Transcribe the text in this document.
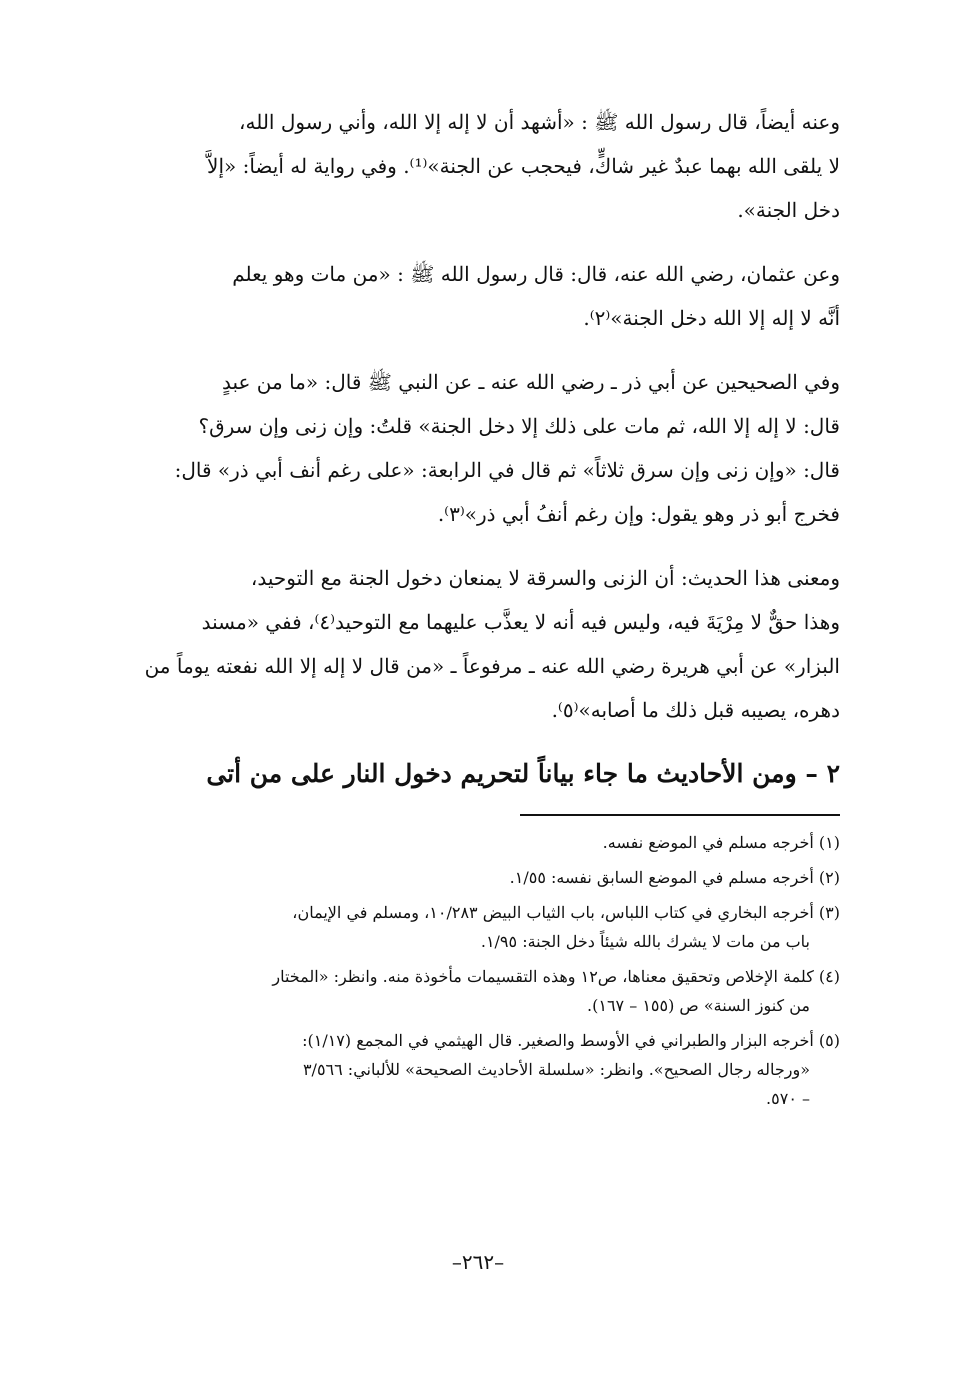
وعنه أيضاً، قال رسول الله ﷺ : «أشهد أن لا إله إلا الله، وأني رسول الله،

لا يلقى الله بهما عبدٌ غير شاكٍّ، فيحجب عن الجنة»⁽¹⁾. وفي رواية له أيضاً: «إلاَّ

دخل الجنة».

وعن عثمان، رضي الله عنه، قال: قال رسول الله ﷺ : «من مات وهو يعلم

أنَّه لا إله إلا الله دخل الجنة»⁽٢⁾.

وفي الصحيحين عن أبي ذر ـ رضي الله عنه ـ عن النبي ﷺ قال: «ما من عبدٍ

قال: لا إله إلا الله، ثم مات على ذلك إلا دخل الجنة» قلتُ: وإن زنى وإن سرق؟

قال: «وإن زنى وإن سرق ثلاثاً» ثم قال في الرابعة: «على رغم أنف أبي ذر» قال:

فخرج أبو ذر وهو يقول: وإن رغم أنفُ أبي ذر»⁽٣⁾.

ومعنى هذا الحديث: أن الزنى والسرقة لا يمنعان دخول الجنة مع التوحيد،

وهذا حقٌّ لا مِرْيَةَ فيه، وليس فيه أنه لا يعذَّب عليهما مع التوحيد⁽٤⁾، ففي «مسند

البزار» عن أبي هريرة رضي الله عنه ـ مرفوعاً ـ «من قال لا إله إلا الله نفعته يوماً من

دهره، يصيبه قبل ذلك ما أصابه»⁽٥⁾.

٢ – ومن الأحاديث ما جاء بياناً لتحريم دخول النار على من أتى
(١) أخرجه مسلم في الموضع نفسه.
(٢) أخرجه مسلم في الموضع السابق نفسه: ١/٥٥.
(٣) أخرجه البخاري في كتاب اللباس، باب الثياب البيض ١٠/٢٨٣، ومسلم في الإيمان،
باب من مات لا يشرك بالله شيئاً دخل الجنة: ١/٩٥.
(٤) كلمة الإخلاص وتحقيق معناها، ص١٢ وهذه التقسيمات مأخوذة منه. وانظر: «المختار
من كنوز السنة» ص (١٥٥ – ١٦٧).
(٥) أخرجه البزار والطبراني في الأوسط والصغير. قال الهيثمي في المجمع (١/١٧):
«ورجاله رجال الصحيح». وانظر: «سلسلة الأحاديث الصحيحة» للألباني: ٣/٥٦٦
– ٥٧٠.
–٢٦٢–
